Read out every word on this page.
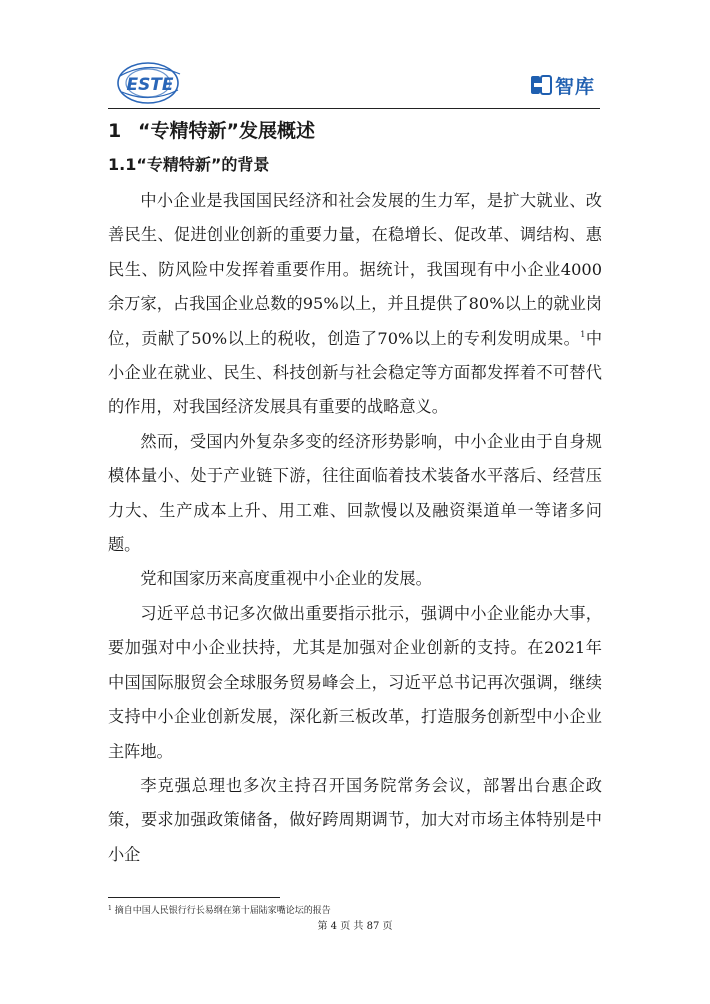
ESTE	智库
1 “专精特新”发展概述
1.1“专精特新”的背景

中小企业是我国国民经济和社会发展的生力军，是扩大就业、改善民生、促进创业创新的重要力量，在稳增长、促改革、调结构、惠民生、防风险中发挥着重要作用。据统计，我国现有中小企业4000余万家，占我国企业总数的95%以上，并且提供了80%以上的就业岗位，贡献了50%以上的税收，创造了70%以上的专利发明成果。$^1$中小企业在就业、民生、科技创新与社会稳定等方面都发挥着不可替代的作用，对我国经济发展具有重要的战略意义。

然而，受国内外复杂多变的经济形势影响，中小企业由于自身规模体量小、处于产业链下游，往往面临着技术装备水平落后、经营压力大、生产成本上升、用工难、回款慢以及融资渠道单一等诸多问题。

党和国家历来高度重视中小企业的发展。

习近平总书记多次做出重要指示批示，强调中小企业能办大事，要加强对中小企业扶持，尤其是加强对企业创新的支持。在2021年中国国际服贸会全球服务贸易峰会上，习近平总书记再次强调，继续支持中小企业创新发展，深化新三板改革，打造服务创新型中小企业主阵地。

李克强总理也多次主持召开国务院常务会议，部署出台惠企政策，要求加强政策储备，做好跨周期调节，加大对市场主体特别是中小企

$^1$ 摘自中国人民银行行长易纲在第十届陆家嘴论坛的报告
第 4 页 共 87 页
